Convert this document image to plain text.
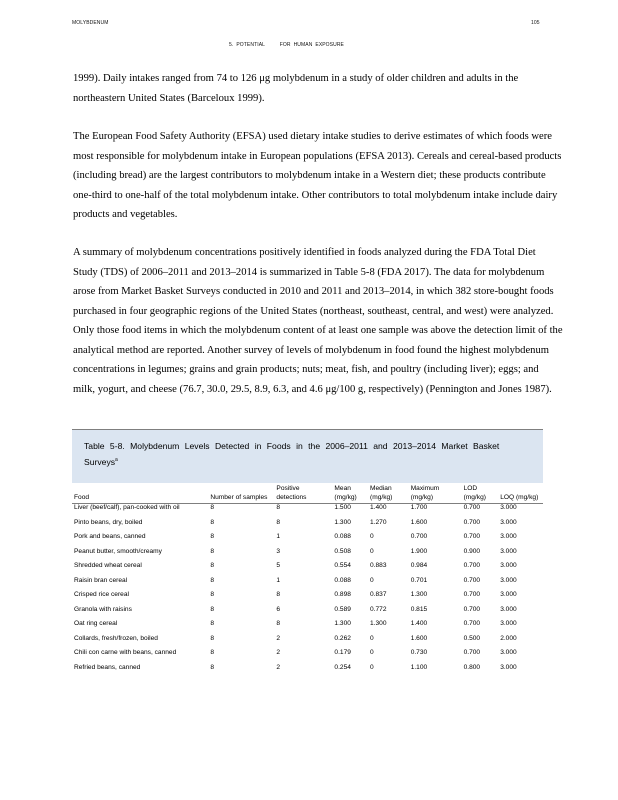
MOLYBDENUM	105
5.  POTENTIAL          FOR  HUMAN  EXPOSURE

1999). Daily intakes ranged from 74 to 126 μg molybdenum in a study of older children and adults in the northeastern United States (Barceloux 1999).

The European Food Safety Authority (EFSA) used dietary intake studies to derive estimates of which foods were most responsible for molybdenum intake in European populations (EFSA 2013). Cereals and cereal-based products (including bread) are the largest contributors to molybdenum intake in a Western diet; these products contribute one-third to one-half of the total molybdenum intake. Other contributors to total molybdenum intake include dairy products and vegetables.

A summary of molybdenum concentrations positively identified in foods analyzed during the FDA Total Diet Study (TDS) of 2006–2011 and 2013–2014 is summarized in Table 5-8 (FDA 2017). The data for molybdenum arose from Market Basket Surveys conducted in 2010 and 2011 and 2013–2014, in which 382 store-bought foods purchased in four geographic regions of the United States (northeast, southeast, central, and west) were analyzed. Only those food items in which the molybdenum content of at least one sample was above the detection limit of the analytical method are reported. Another survey of levels of molybdenum in food found the highest molybdenum concentrations in legumes; grains and grain products; nuts; meat, fish, and poultry (including liver); eggs; and milk, yogurt, and cheese (76.7, 30.0, 29.5, 8.9, 6.3, and 4.6 μg/100 g, respectively) (Pennington and Jones 1987).

Table 5-8. Molybdenum Levels Detected in Foods in the 2006–2011 and 2013–2014 Market Basket Surveys$^a$
Food	Number of samples	Positive detections	Mean (mg/kg)	Median (mg/kg)	Maximum (mg/kg)	LOD (mg/kg)	LOQ (mg/kg)
Liver (beef/calf), pan-cooked with oil	8	8	1.500	1.400	1.700	0.700	3.000
Pinto beans, dry, boiled	8	8	1.300	1.270	1.600	0.700	3.000
Pork and beans, canned	8	1	0.088	0	0.700	0.700	3.000
Peanut butter, smooth/creamy	8	3	0.508	0	1.900	0.900	3.000
Shredded wheat cereal	8	5	0.554	0.883	0.984	0.700	3.000
Raisin bran cereal	8	1	0.088	0	0.701	0.700	3.000
Crisped rice cereal	8	8	0.898	0.837	1.300	0.700	3.000
Granola with raisins	8	6	0.589	0.772	0.815	0.700	3.000
Oat ring cereal	8	8	1.300	1.300	1.400	0.700	3.000
Collards, fresh/frozen, boiled	8	2	0.262	0	1.600	0.500	2.000
Chili con carne with beans, canned	8	2	0.179	0	0.730	0.700	3.000
Refried beans, canned	8	2	0.254	0	1.100	0.800	3.000
